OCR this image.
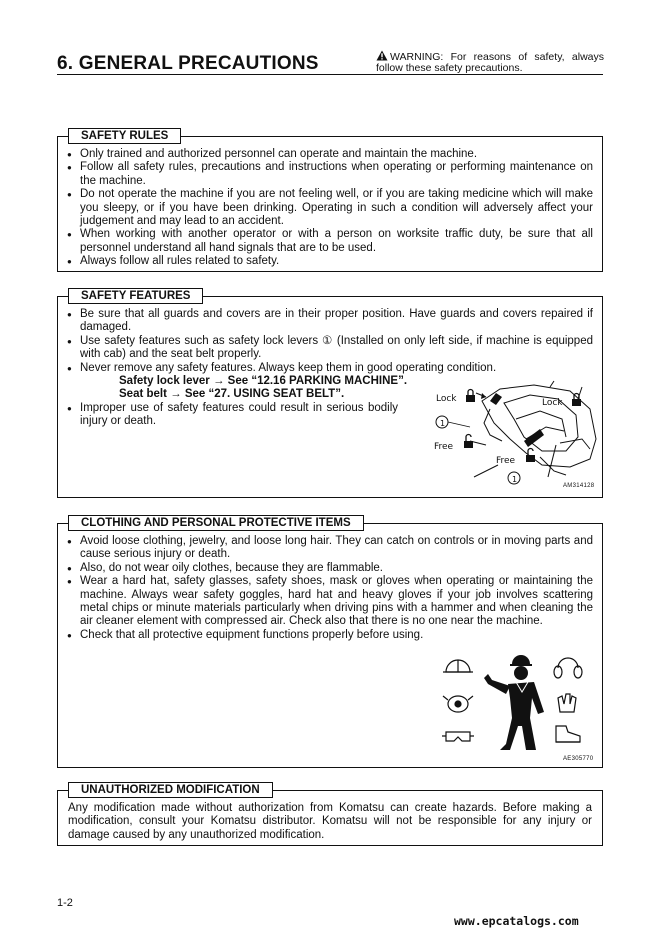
6. GENERAL PRECAUTIONS	WARNING: For reasons of safety, always follow these safety precautions.
SAFETY RULES
● Only trained and authorized personnel can operate and maintain the machine.
● Follow all safety rules, precautions and instructions when operating or performing maintenance on the machine.
● Do not operate the machine if you are not feeling well, or if you are taking medicine which will make you sleepy, or if you have been drinking. Operating in such a condition will adversely affect your judgement and may lead to an accident.
● When working with another operator or with a person on worksite traffic duty, be sure that all personnel understand all hand signals that are to be used.
● Always follow all rules related to safety.
SAFETY FEATURES
● Be sure that all guards and covers are in their proper position. Have guards and covers repaired if damaged.
● Use safety features such as safety lock levers ① (Installed on only left side, if machine is equipped with cab) and the seat belt properly.
● Never remove any safety features. Always keep them in good operating condition.
Safety lock lever → See “12.16 PARKING MACHINE”.
Seat belt → See “27. USING SEAT BELT”.
● Improper use of safety features could result in serious bodily injury or death.
Free
Lock	Lock
Free
1
1
AM314128
CLOTHING AND PERSONAL PROTECTIVE ITEMS
● Avoid loose clothing, jewelry, and loose long hair. They can catch on controls or in moving parts and cause serious injury or death.
● Also, do not wear oily clothes, because they are flammable.
● Wear a hard hat, safety glasses, safety shoes, mask or gloves when operating or maintaining the machine. Always wear safety goggles, hard hat and heavy gloves if your job involves scattering metal chips or minute materials particularly when driving pins with a hammer and when cleaning the air cleaner element with compressed air. Check also that there is no one near the machine.
● Check that all protective equipment functions properly before using.
AE305770
UNAUTHORIZED MODIFICATION
Any modification made without authorization from Komatsu can create hazards. Before making a modification, consult your Komatsu distributor. Komatsu will not be responsible for any injury or damage caused by any unauthorized modification.
1-2
www.epcatalogs.com
